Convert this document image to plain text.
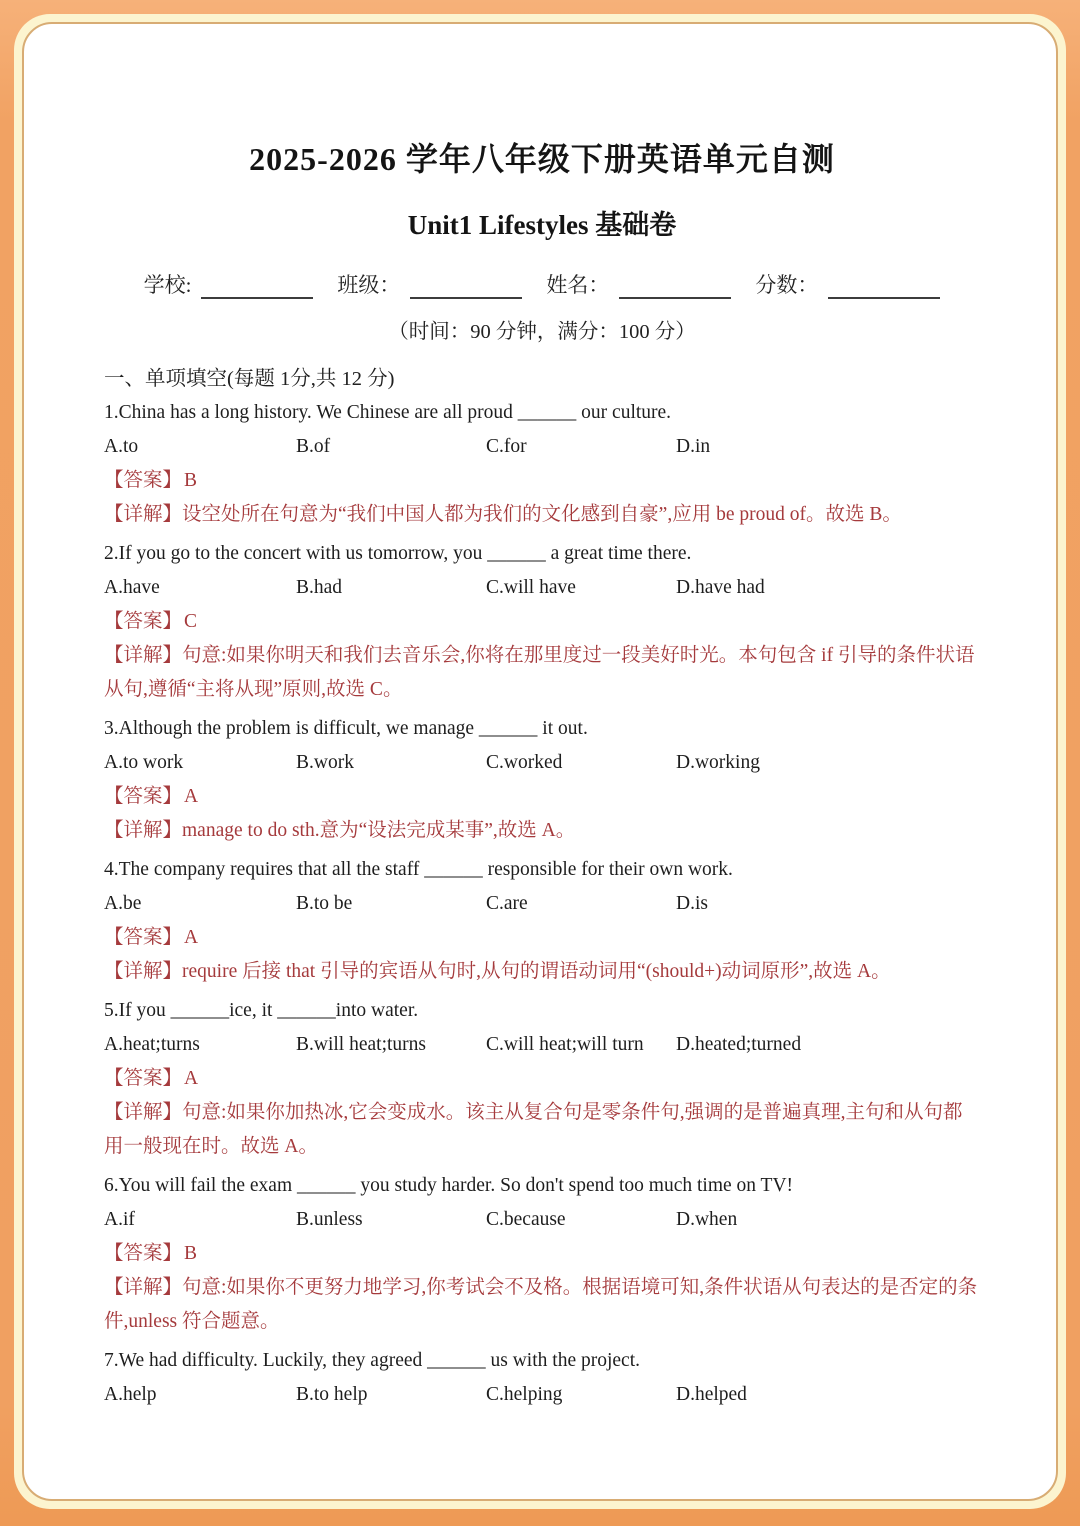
2025-2026 学年八年级下册英语单元自测
Unit1 Lifestyles 基础卷
学校:	班级：	姓名：	分数：
（时间：90 分钟，满分：100 分）
一、单项填空(每题 1分,共 12 分)

1.China has a long history. We Chinese are all proud ______ our culture.

A.to	B.of	C.for	D.in

【答案】 B

【详解】设空处所在句意为“我们中国人都为我们的文化感到自豪”,应用 be proud of。故选 B。

2.If you go to the concert with us tomorrow, you ______ a great time there.

A.have	B.had	C.will have	D.have had

【答案】 C

【详解】句意:如果你明天和我们去音乐会,你将在那里度过一段美好时光。本句包含 if 引导的条件状语从句,遵循“主将从现”原则,故选 C。

3.Although the problem is difficult, we manage ______ it out.

A.to work	B.work	C.worked	D.working

【答案】 A

【详解】manage to do sth.意为“设法完成某事”,故选 A。

4.The company requires that all the staff ______ responsible for their own work.

A.be	B.to be	C.are	D.is

【答案】 A

【详解】require 后接 that 引导的宾语从句时,从句的谓语动词用“(should+)动词原形”,故选 A。

5.If you ______ice, it ______into water.

A.heat;turns	B.will heat;turns	C.will heat;will turn	D.heated;turned

【答案】 A

【详解】句意:如果你加热冰,它会变成水。该主从复合句是零条件句,强调的是普遍真理,主句和从句都用一般现在时。故选 A。

6.You will fail the exam ______ you study harder. So don't spend too much time on TV!

A.if	B.unless	C.because	D.when

【答案】 B

【详解】句意:如果你不更努力地学习,你考试会不及格。根据语境可知,条件状语从句表达的是否定的条件,unless 符合题意。

7.We had difficulty. Luckily, they agreed ______ us with the project.

A.help	B.to help	C.helping	D.helped
